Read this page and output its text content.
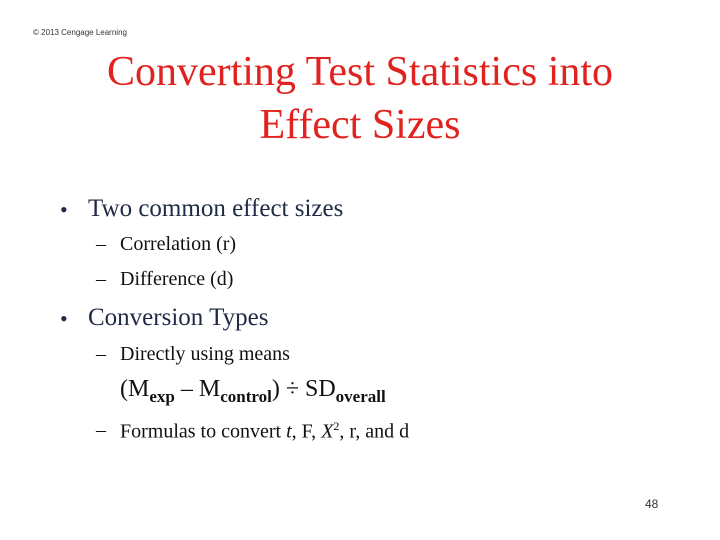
© 2013 Cengage Learning
Converting Test Statistics into
Effect Sizes
• Two common effect sizes
– Correlation (r)
– Difference (d)
• Conversion Types
– Directly using means
$(M_{exp} - M_{control}) \div SD_{overall}$
– Formulas to convert t, F, $X^2$, r, and d
48
